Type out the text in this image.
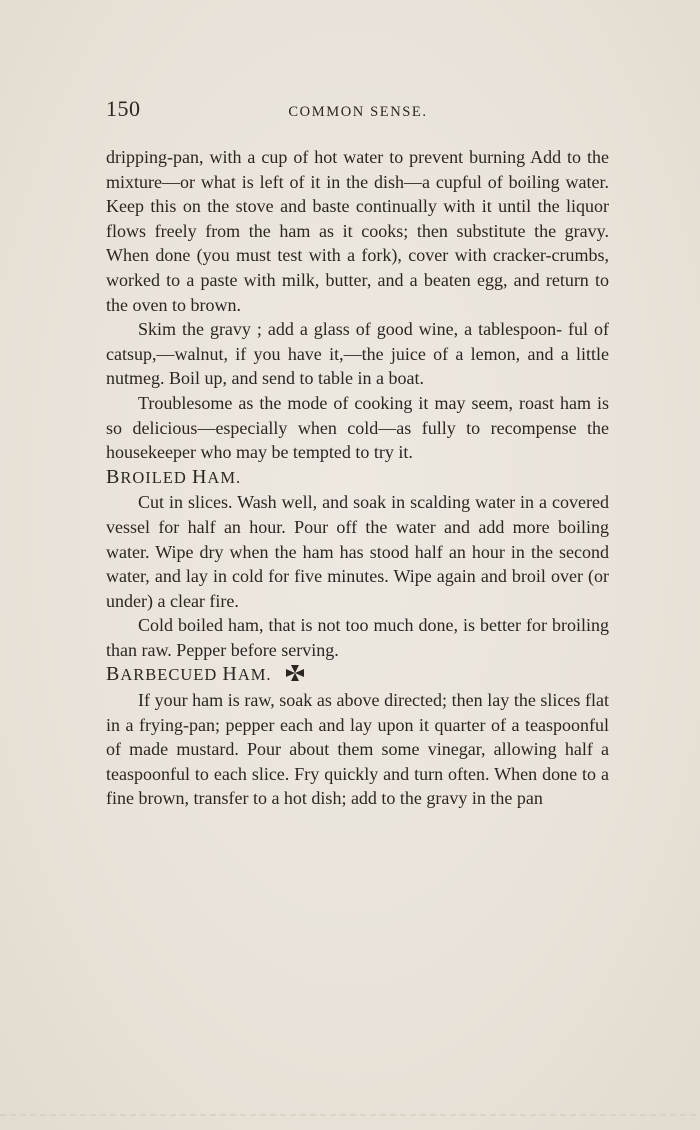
150	COMMON SENSE.

dripping-pan, with a cup of hot water to prevent burning Add to the mixture—or what is left of it in the dish—a cupful of boiling water. Keep this on the stove and baste continually with it until the liquor flows freely from the ham as it cooks; then substitute the gravy. When done (you must test with a fork), cover with cracker-crumbs, worked to a paste with milk, butter, and a beaten egg, and return to the oven to brown.

Skim the gravy ; add a glass of good wine, a tablespoon- ful of catsup,—walnut, if you have it,—the juice of a lemon, and a little nutmeg. Boil up, and send to table in a boat.

Troublesome as the mode of cooking it may seem, roast ham is so delicious—especially when cold—as fully to recompense the housekeeper who may be tempted to try it.

BROILED HAM.

Cut in slices. Wash well, and soak in scalding water in a covered vessel for half an hour. Pour off the water and add more boiling water. Wipe dry when the ham has stood half an hour in the second water, and lay in cold for five minutes. Wipe again and broil over (or under) a clear fire.

Cold boiled ham, that is not too much done, is better for broiling than raw. Pepper before serving.

BARBECUED HAM.

If your ham is raw, soak as above directed; then lay the slices flat in a frying-pan; pepper each and lay upon it quarter of a teaspoonful of made mustard. Pour about them some vinegar, allowing half a teaspoonful to each slice. Fry quickly and turn often. When done to a fine brown, transfer to a hot dish; add to the gravy in the pan
